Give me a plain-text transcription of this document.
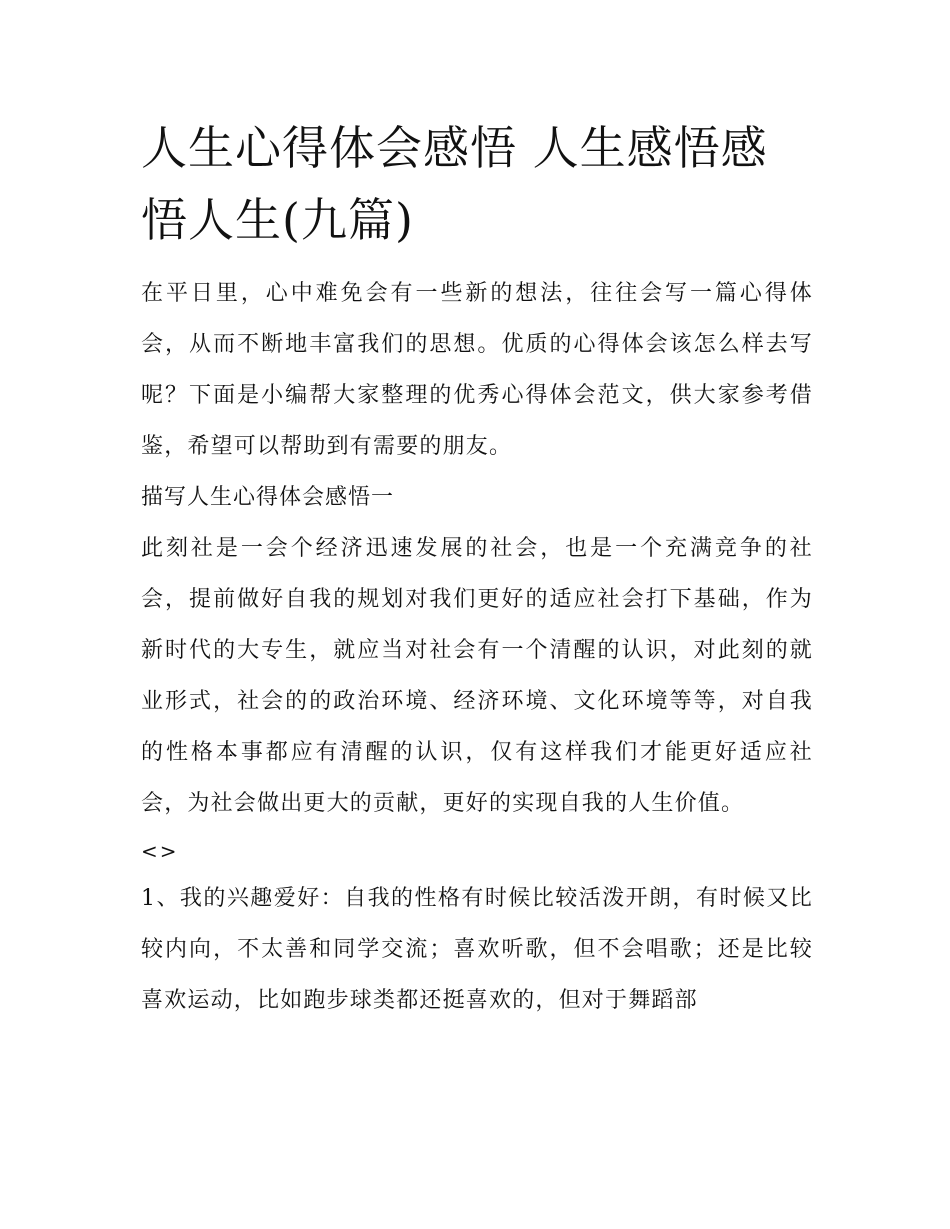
人生心得体会感悟 人生感悟感悟人生(九篇)

在平日里，心中难免会有一些新的想法，往往会写一篇心得体会，从而不断地丰富我们的思想。优质的心得体会该怎么样去写呢？下面是小编帮大家整理的优秀心得体会范文，供大家参考借鉴，希望可以帮助到有需要的朋友。

描写人生心得体会感悟一

此刻社是一会个经济迅速发展的社会，也是一个充满竞争的社会，提前做好自我的规划对我们更好的适应社会打下基础，作为新时代的大专生，就应当对社会有一个清醒的认识，对此刻的就业形式，社会的的政治环境、经济环境、文化环境等等，对自我的性格本事都应有清醒的认识，仅有这样我们才能更好适应社会，为社会做出更大的贡献，更好的实现自我的人生价值。

<>

1、我的兴趣爱好：自我的性格有时候比较活泼开朗，有时候又比较内向，不太善和同学交流；喜欢听歌，但不会唱歌；还是比较喜欢运动，比如跑步球类都还挺喜欢的，但对于舞蹈部
